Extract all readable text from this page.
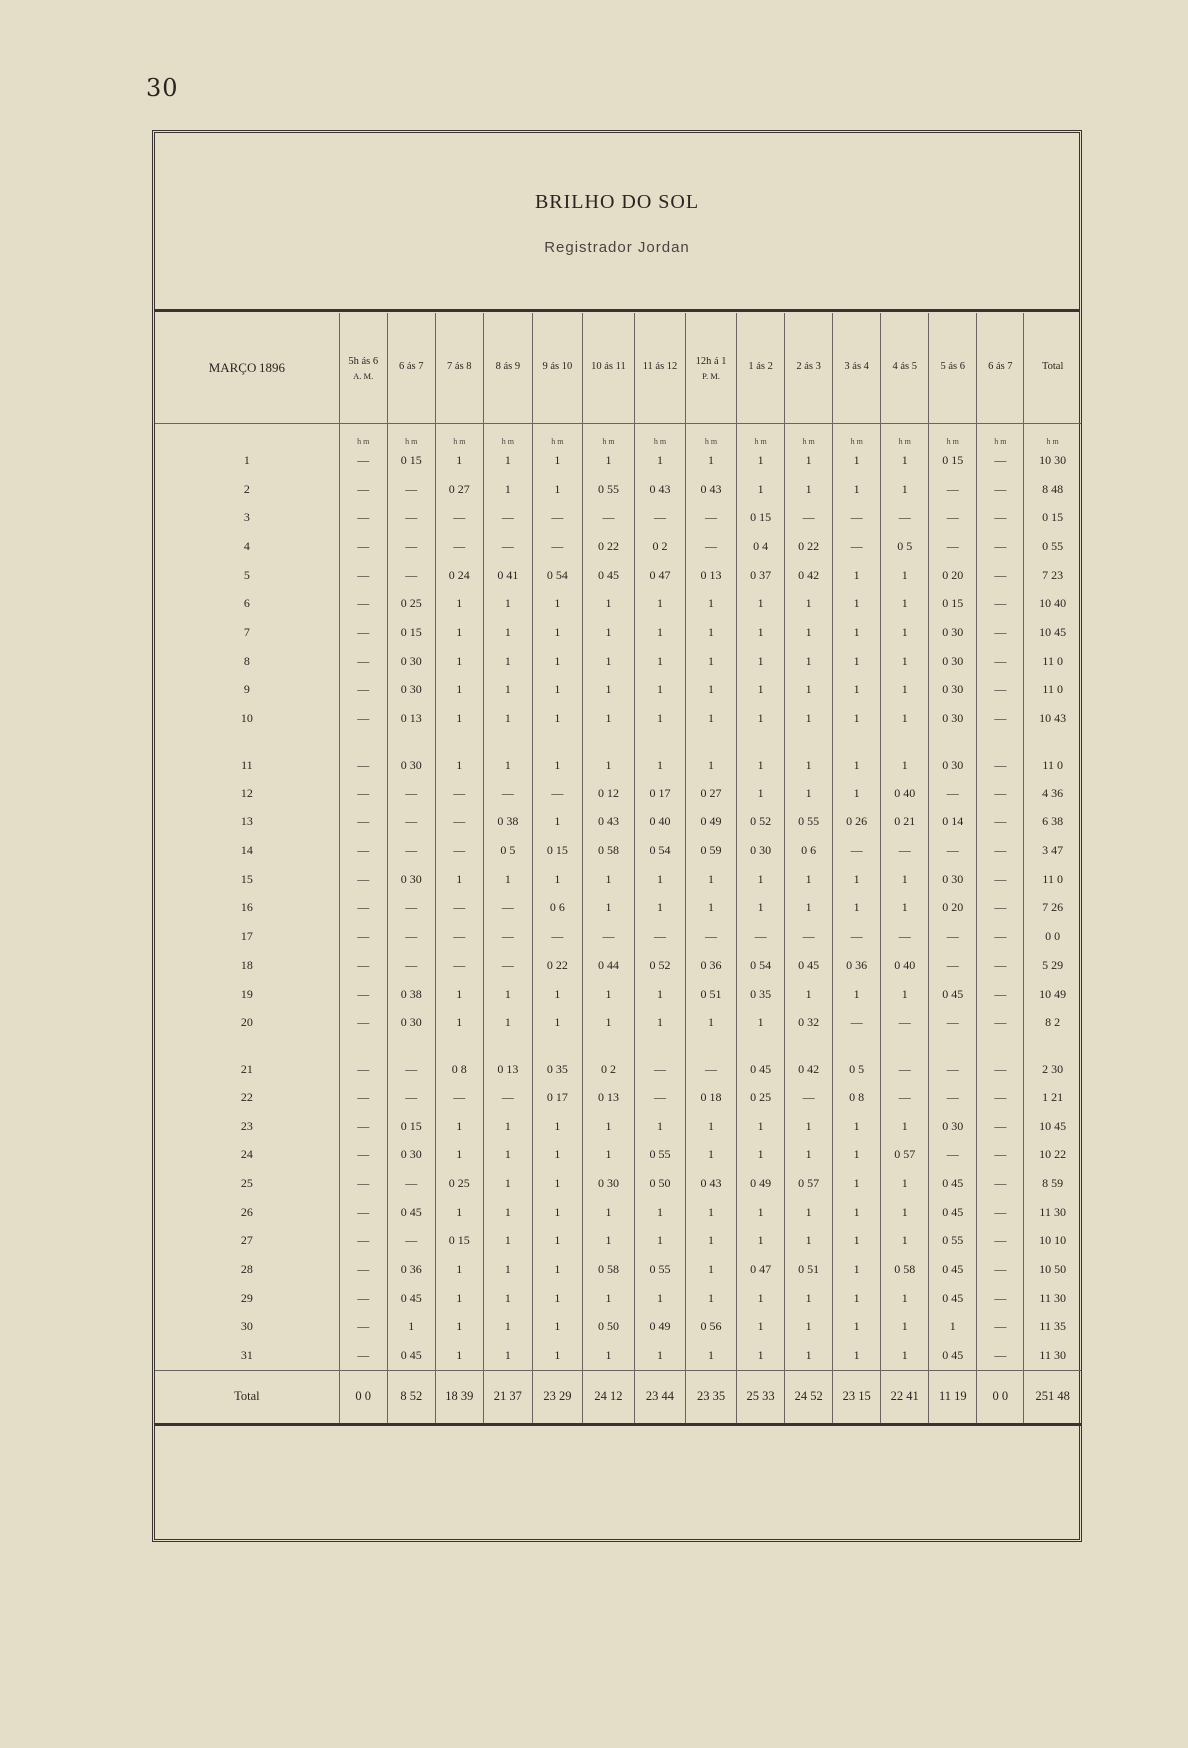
30
BRILHO DO SOL
Registrador Jordan
MARÇO 1896	5h ás 6
A. M.	6 ás 7	7 ás 8	8 ás 9	9 ás 10	10 ás 11	11 ás 12	12h á 1
P. M.	1 ás 2	2 ás 3	3 ás 4	4 ás 5	5 ás 6	6 ás 7	Total

	h m	h m	h m	h m	h m	h m	h m	h m	h m	h m	h m	h m	h m	h m	h m
1	—	0 15	1	1	1	1	1	1	1	1	1	1	0 15	—	10 30
2	—	—	0 27	1	1	0 55	0 43	0 43	1	1	1	1	—	—	8 48
3	—	—	—	—	—	—	—	—	0 15	—	—	—	—	—	0 15
4	—	—	—	—	—	0 22	0 2	—	0 4	0 22	—	0 5	—	—	0 55
5	—	—	0 24	0 41	0 54	0 45	0 47	0 13	0 37	0 42	1	1	0 20	—	7 23
6	—	0 25	1	1	1	1	1	1	1	1	1	1	0 15	—	10 40
7	—	0 15	1	1	1	1	1	1	1	1	1	1	0 30	—	10 45
8	—	0 30	1	1	1	1	1	1	1	1	1	1	0 30	—	11 0
9	—	0 30	1	1	1	1	1	1	1	1	1	1	0 30	—	11 0
10	—	0 13	1	1	1	1	1	1	1	1	1	1	0 30	—	10 43
11	—	0 30	1	1	1	1	1	1	1	1	1	1	0 30	—	11 0
12	—	—	—	—	—	0 12	0 17	0 27	1	1	1	0 40	—	—	4 36
13	—	—	—	0 38	1	0 43	0 40	0 49	0 52	0 55	0 26	0 21	0 14	—	6 38
14	—	—	—	0 5	0 15	0 58	0 54	0 59	0 30	0 6	—	—	—	—	3 47
15	—	0 30	1	1	1	1	1	1	1	1	1	1	0 30	—	11 0
16	—	—	—	—	0 6	1	1	1	1	1	1	1	0 20	—	7 26
17	—	—	—	—	—	—	—	—	—	—	—	—	—	—	0 0
18	—	—	—	—	0 22	0 44	0 52	0 36	0 54	0 45	0 36	0 40	—	—	5 29
19	—	0 38	1	1	1	1	1	0 51	0 35	1	1	1	0 45	—	10 49
20	—	0 30	1	1	1	1	1	1	1	0 32	—	—	—	—	8 2
21	—	—	0 8	0 13	0 35	0 2	—	—	0 45	0 42	0 5	—	—	—	2 30
22	—	—	—	—	0 17	0 13	—	0 18	0 25	—	0 8	—	—	—	1 21
23	—	0 15	1	1	1	1	1	1	1	1	1	1	0 30	—	10 45
24	—	0 30	1	1	1	1	0 55	1	1	1	1	0 57	—	—	10 22
25	—	—	0 25	1	1	0 30	0 50	0 43	0 49	0 57	1	1	0 45	—	8 59
26	—	0 45	1	1	1	1	1	1	1	1	1	1	0 45	—	11 30
27	—	—	0 15	1	1	1	1	1	1	1	1	1	0 55	—	10 10
28	—	0 36	1	1	1	0 58	0 55	1	0 47	0 51	1	0 58	0 45	—	10 50
29	—	0 45	1	1	1	1	1	1	1	1	1	1	0 45	—	11 30
30	—	1	1	1	1	0 50	0 49	0 56	1	1	1	1	1	—	11 35
31	—	0 45	1	1	1	1	1	1	1	1	1	1	0 45	—	11 30
Total	0 0	8 52	18 39	21 37	23 29	24 12	23 44	23 35	25 33	24 52	23 15	22 41	11 19	0 0	251 48
